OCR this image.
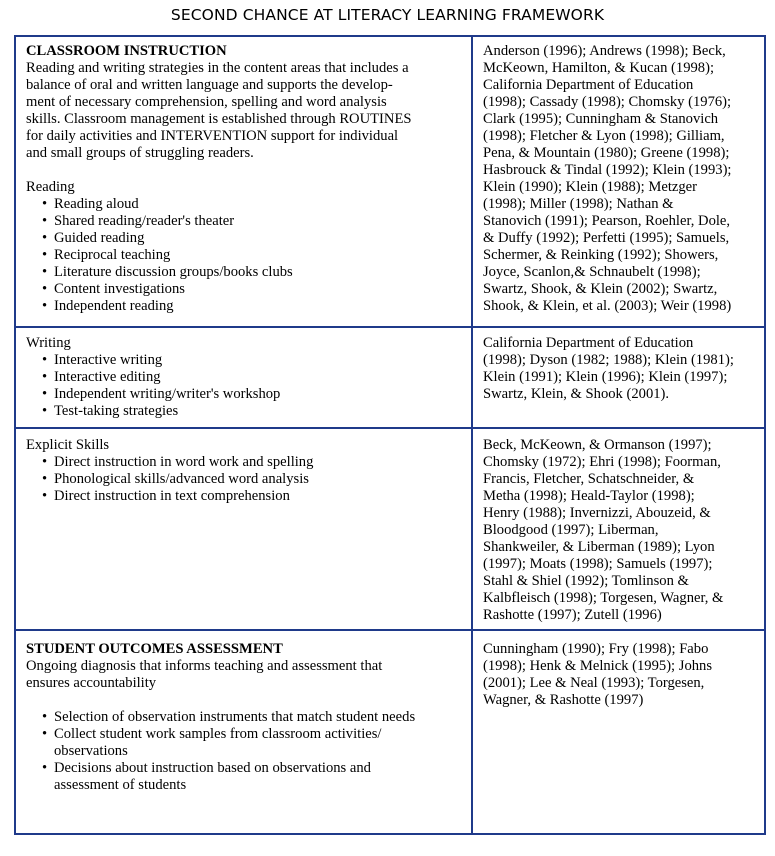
SECOND CHANCE AT LITERACY LEARNING FRAMEWORK
CLASSROOM INSTRUCTION
Reading and writing strategies in the content areas that includes a
balance of oral and written language and supports the develop-
ment of necessary comprehension, spelling and word analysis
skills. Classroom management is established through ROUTINES
for daily activities and INTERVENTION support for individual
and small groups of struggling readers.
Reading
• Reading aloud
• Shared reading/reader's theater
• Guided reading
• Reciprocal teaching
• Literature discussion groups/books clubs
• Content investigations
• Independent reading
Anderson (1996); Andrews (1998); Beck,
McKeown, Hamilton, & Kucan (1998);
California Department of Education
(1998); Cassady (1998); Chomsky (1976);
Clark (1995); Cunningham & Stanovich
(1998); Fletcher & Lyon (1998); Gilliam,
Pena, & Mountain (1980); Greene (1998);
Hasbrouck & Tindal (1992); Klein (1993);
Klein (1990); Klein (1988); Metzger
(1998); Miller (1998); Nathan &
Stanovich (1991); Pearson, Roehler, Dole,
& Duffy (1992); Perfetti (1995); Samuels,
Schermer, & Reinking (1992); Showers,
Joyce, Scanlon,& Schnaubelt (1998);
Swartz, Shook, & Klein (2002); Swartz,
Shook, & Klein, et al. (2003); Weir (1998)
Writing
• Interactive writing
• Interactive editing
• Independent writing/writer's workshop
• Test-taking strategies
California Department of Education
(1998); Dyson (1982; 1988); Klein (1981);
Klein (1991); Klein (1996); Klein (1997);
Swartz, Klein, & Shook (2001).
Explicit Skills
• Direct instruction in word work and spelling
• Phonological skills/advanced word analysis
• Direct instruction in text comprehension
Beck, McKeown, & Ormanson (1997);
Chomsky (1972); Ehri (1998); Foorman,
Francis, Fletcher, Schatschneider, &
Metha (1998); Heald-Taylor (1998);
Henry (1988); Invernizzi, Abouzeid, &
Bloodgood (1997); Liberman,
Shankweiler, & Liberman (1989); Lyon
(1997); Moats (1998); Samuels (1997);
Stahl & Shiel (1992); Tomlinson &
Kalbfleisch (1998); Torgesen, Wagner, &
Rashotte (1997); Zutell (1996)
STUDENT OUTCOMES ASSESSMENT
Ongoing diagnosis that informs teaching and assessment that
ensures accountability
• Selection of observation instruments that match student needs
• Collect student work samples from classroom activities/
observations
• Decisions about instruction based on observations and
assessment of students
Cunningham (1990); Fry (1998); Fabo
(1998); Henk & Melnick (1995); Johns
(2001); Lee & Neal (1993); Torgesen,
Wagner, & Rashotte (1997)
